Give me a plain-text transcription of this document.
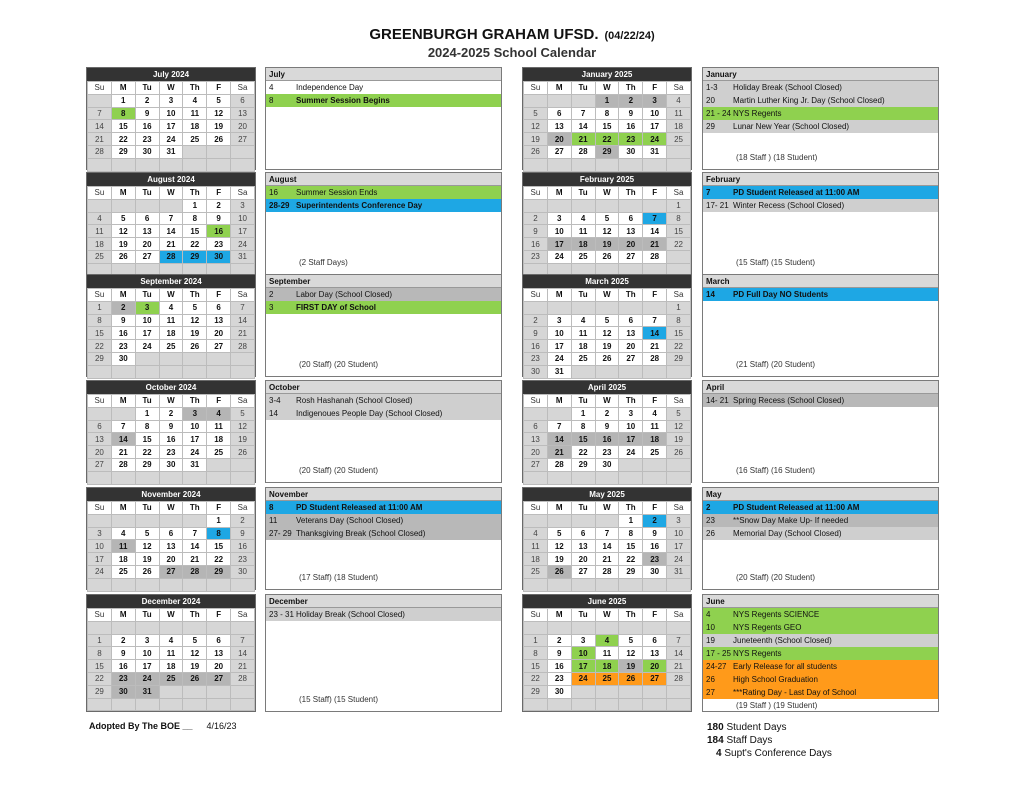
GREENBURGH GRAHAM UFSD. (04/22/24)
2024-2025 School Calendar
July 2024
Su	M	Tu	W	Th	F	Sa
	1	2	3	4	5	6
7	8	9	10	11	12	13
14	15	16	17	18	19	20
21	22	23	24	25	26	27
28	29	30	31			

July
4	Independence Day
8	Summer Session Begins
August 2024
Su	M	Tu	W	Th	F	Sa
				1	2	3
4	5	6	7	8	9	10
11	12	13	14	15	16	17
18	19	20	21	22	23	24
25	26	27	28	29	30	31

August
16	Summer Session Ends
28-29 Superintendents Conference Day
(2 Staff Days)
September 2024
Su	M	Tu	W	Th	F	Sa
1	2	3	4	5	6	7
8	9	10	11	12	13	14
15	16	17	18	19	20	21
22	23	24	25	26	27	28
29	30					

September
2	Labor Day (School Closed)
3	FIRST DAY of School
(20 Staff) (20 Student)
October 2024
Su	M	Tu	W	Th	F	Sa
		1	2	3	4	5
6	7	8	9	10	11	12
13	14	15	16	17	18	19
20	21	22	23	24	25	26
27	28	29	30	31		

October
3-4	Rosh Hashanah (School Closed)
14	Indigenoues People Day (School Closed)
(20 Staff) (20 Student)
November 2024
Su	M	Tu	W	Th	F	Sa
					1	2
3	4	5	6	7	8	9
10	11	12	13	14	15	16
17	18	19	20	21	22	23
24	25	26	27	28	29	30

November
8	PD Student Released at 11:00 AM
11	Veterans Day (School Closed)
27- 29 Thanksgiving Break (School Closed)
(17 Staff) (18 Student)
December 2024
Su	M	Tu	W	Th	F	Sa

1	2	3	4	5	6	7
8	9	10	11	12	13	14
15	16	17	18	19	20	21
22	23	24	25	26	27	28
29	30	31				

December
23 - 31 Holiday Break (School Closed)
(15 Staff) (15 Student)
January 2025
Su	M	Tu	W	Th	F	Sa
			1	2	3	4
5	6	7	8	9	10	11
12	13	14	15	16	17	18
19	20	21	22	23	24	25
26	27	28	29	30	31	

January
1-3	Holiday Break (School Closed)
20	Martin Luther King Jr. Day (School Closed)
21 - 24 NYS Regents
29	Lunar New Year (School Closed)
(18 Staff ) (18 Student)
February 2025
Su	M	Tu	W	Th	F	Sa
						1
2	3	4	5	6	7	8
9	10	11	12	13	14	15
16	17	18	19	20	21	22
23	24	25	26	27	28	

February
7	PD Student Released at 11:00 AM
17- 21 Winter Recess (School Closed)
(15 Staff) (15 Student)
March 2025
Su	M	Tu	W	Th	F	Sa
						1
2	3	4	5	6	7	8
9	10	11	12	13	14	15
16	17	18	19	20	21	22
23	24	25	26	27	28	29
30	31					
March
14	PD Full Day NO Students
(21 Staff) (20 Student)
April 2025
Su	M	Tu	W	Th	F	Sa
		1	2	3	4	5
6	7	8	9	10	11	12
13	14	15	16	17	18	19
20	21	22	23	24	25	26
27	28	29	30			

April
14- 21 Spring Recess (School Closed)
(16 Staff) (16 Student)
May 2025
Su	M	Tu	W	Th	F	Sa
				1	2	3
4	5	6	7	8	9	10
11	12	13	14	15	16	17
18	19	20	21	22	23	24
25	26	27	28	29	30	31

May
2	PD Student Released at 11:00 AM
23	**Snow Day Make Up- If needed
26	Memorial Day (School Closed)
(20 Staff) (20 Student)
June 2025
Su	M	Tu	W	Th	F	Sa

1	2	3	4	5	6	7
8	9	10	11	12	13	14
15	16	17	18	19	20	21
22	23	24	25	26	27	28
29	30					

June
4	NYS Regents SCIENCE
10	NYS Regents GEO
19	Juneteenth (School Closed)
17 - 25 NYS Regents
24-27 Early Release for all students
26	High School Graduation
27	***Rating Day - Last Day of School
(19 Staff ) (19 Student)
Adopted By The BOE __ 4/16/23	180 Student Days
184 Staff Days
4 Supt's Conference Days
